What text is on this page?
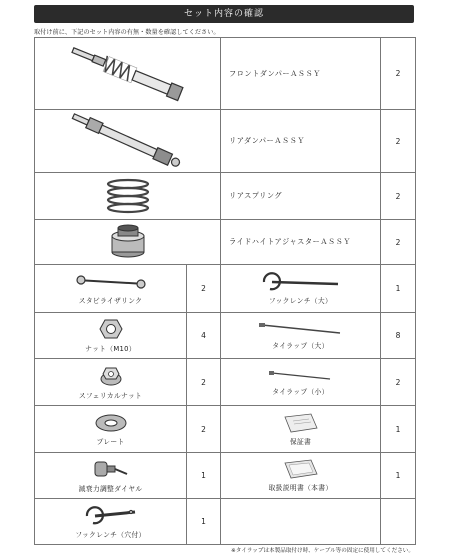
セット内容の確認
取付け前に、下記のセット内容の有無・数量を確認してください。
	フロントダンパーＡＳＳＹ	2

	リアダンパーＡＳＳＹ	2

	リアスプリング	2

	ライドハイトアジャスターＡＳＳＹ	2

スタビライザリンク	2	フックレンチ（大）	1

ナット（M10）	4	タイラップ（大）	8

スフェリカルナット	2	タイラップ（小）	2

プレート	2	保証書	1

減衰力調整ダイヤル	1	取扱説明書（本書）	1

フックレンチ（穴付）	1		
※タイラップは本製品取付け時、ケーブル等の固定に使用してください。
